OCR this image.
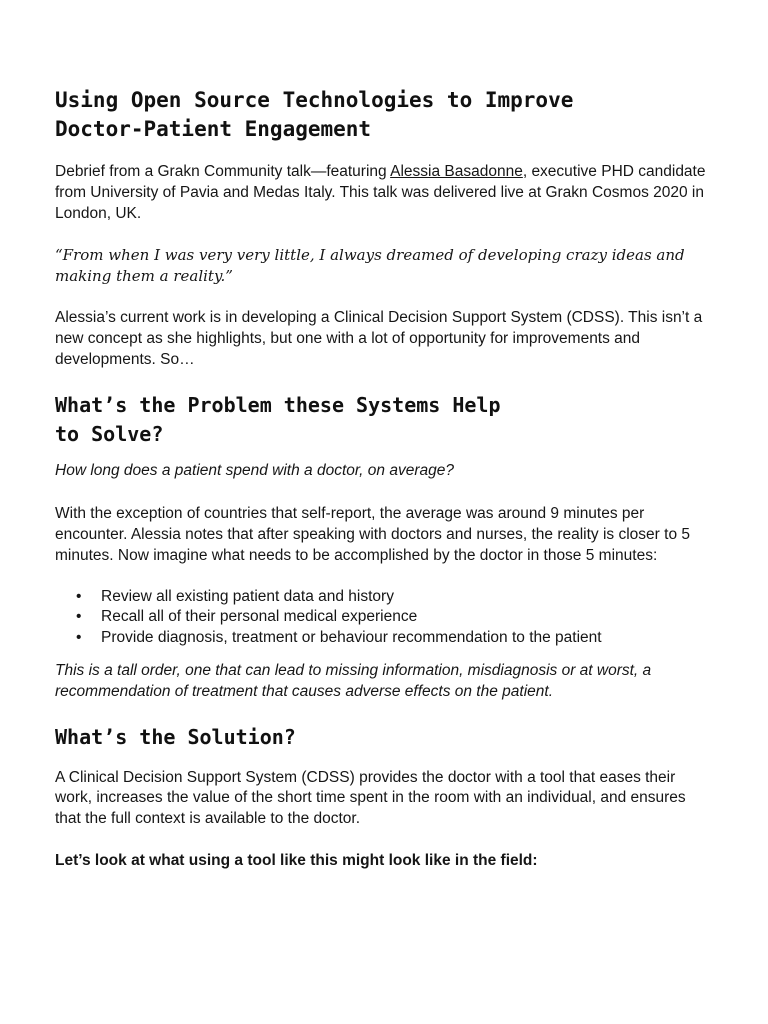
Using Open Source Technologies to Improve
Doctor-Patient Engagement

Debrief from a Grakn Community talk—featuring Alessia Basadonne, executive PHD candidate from University of Pavia and Medas Italy. This talk was delivered live at Grakn Cosmos 2020 in London, UK.

“From when I was very very little, I always dreamed of developing crazy ideas and making them a reality.”

Alessia’s current work is in developing a Clinical Decision Support System (CDSS). This isn’t a new concept as she highlights, but one with a lot of opportunity for improvements and developments. So…

What’s the Problem these Systems Help
to Solve?

How long does a patient spend with a doctor, on average?

With the exception of countries that self-report, the average was around 9 minutes per encounter. Alessia notes that after speaking with doctors and nurses, the reality is closer to 5 minutes. Now imagine what needs to be accomplished by the doctor in those 5 minutes:

• Review all existing patient data and history
• Recall all of their personal medical experience
• Provide diagnosis, treatment or behaviour recommendation to the patient

This is a tall order, one that can lead to missing information, misdiagnosis or at worst, a recommendation of treatment that causes adverse effects on the patient.

What’s the Solution?

A Clinical Decision Support System (CDSS) provides the doctor with a tool that eases their work, increases the value of the short time spent in the room with an individual, and ensures that the full context is available to the doctor.

Let’s look at what using a tool like this might look like in the field:
